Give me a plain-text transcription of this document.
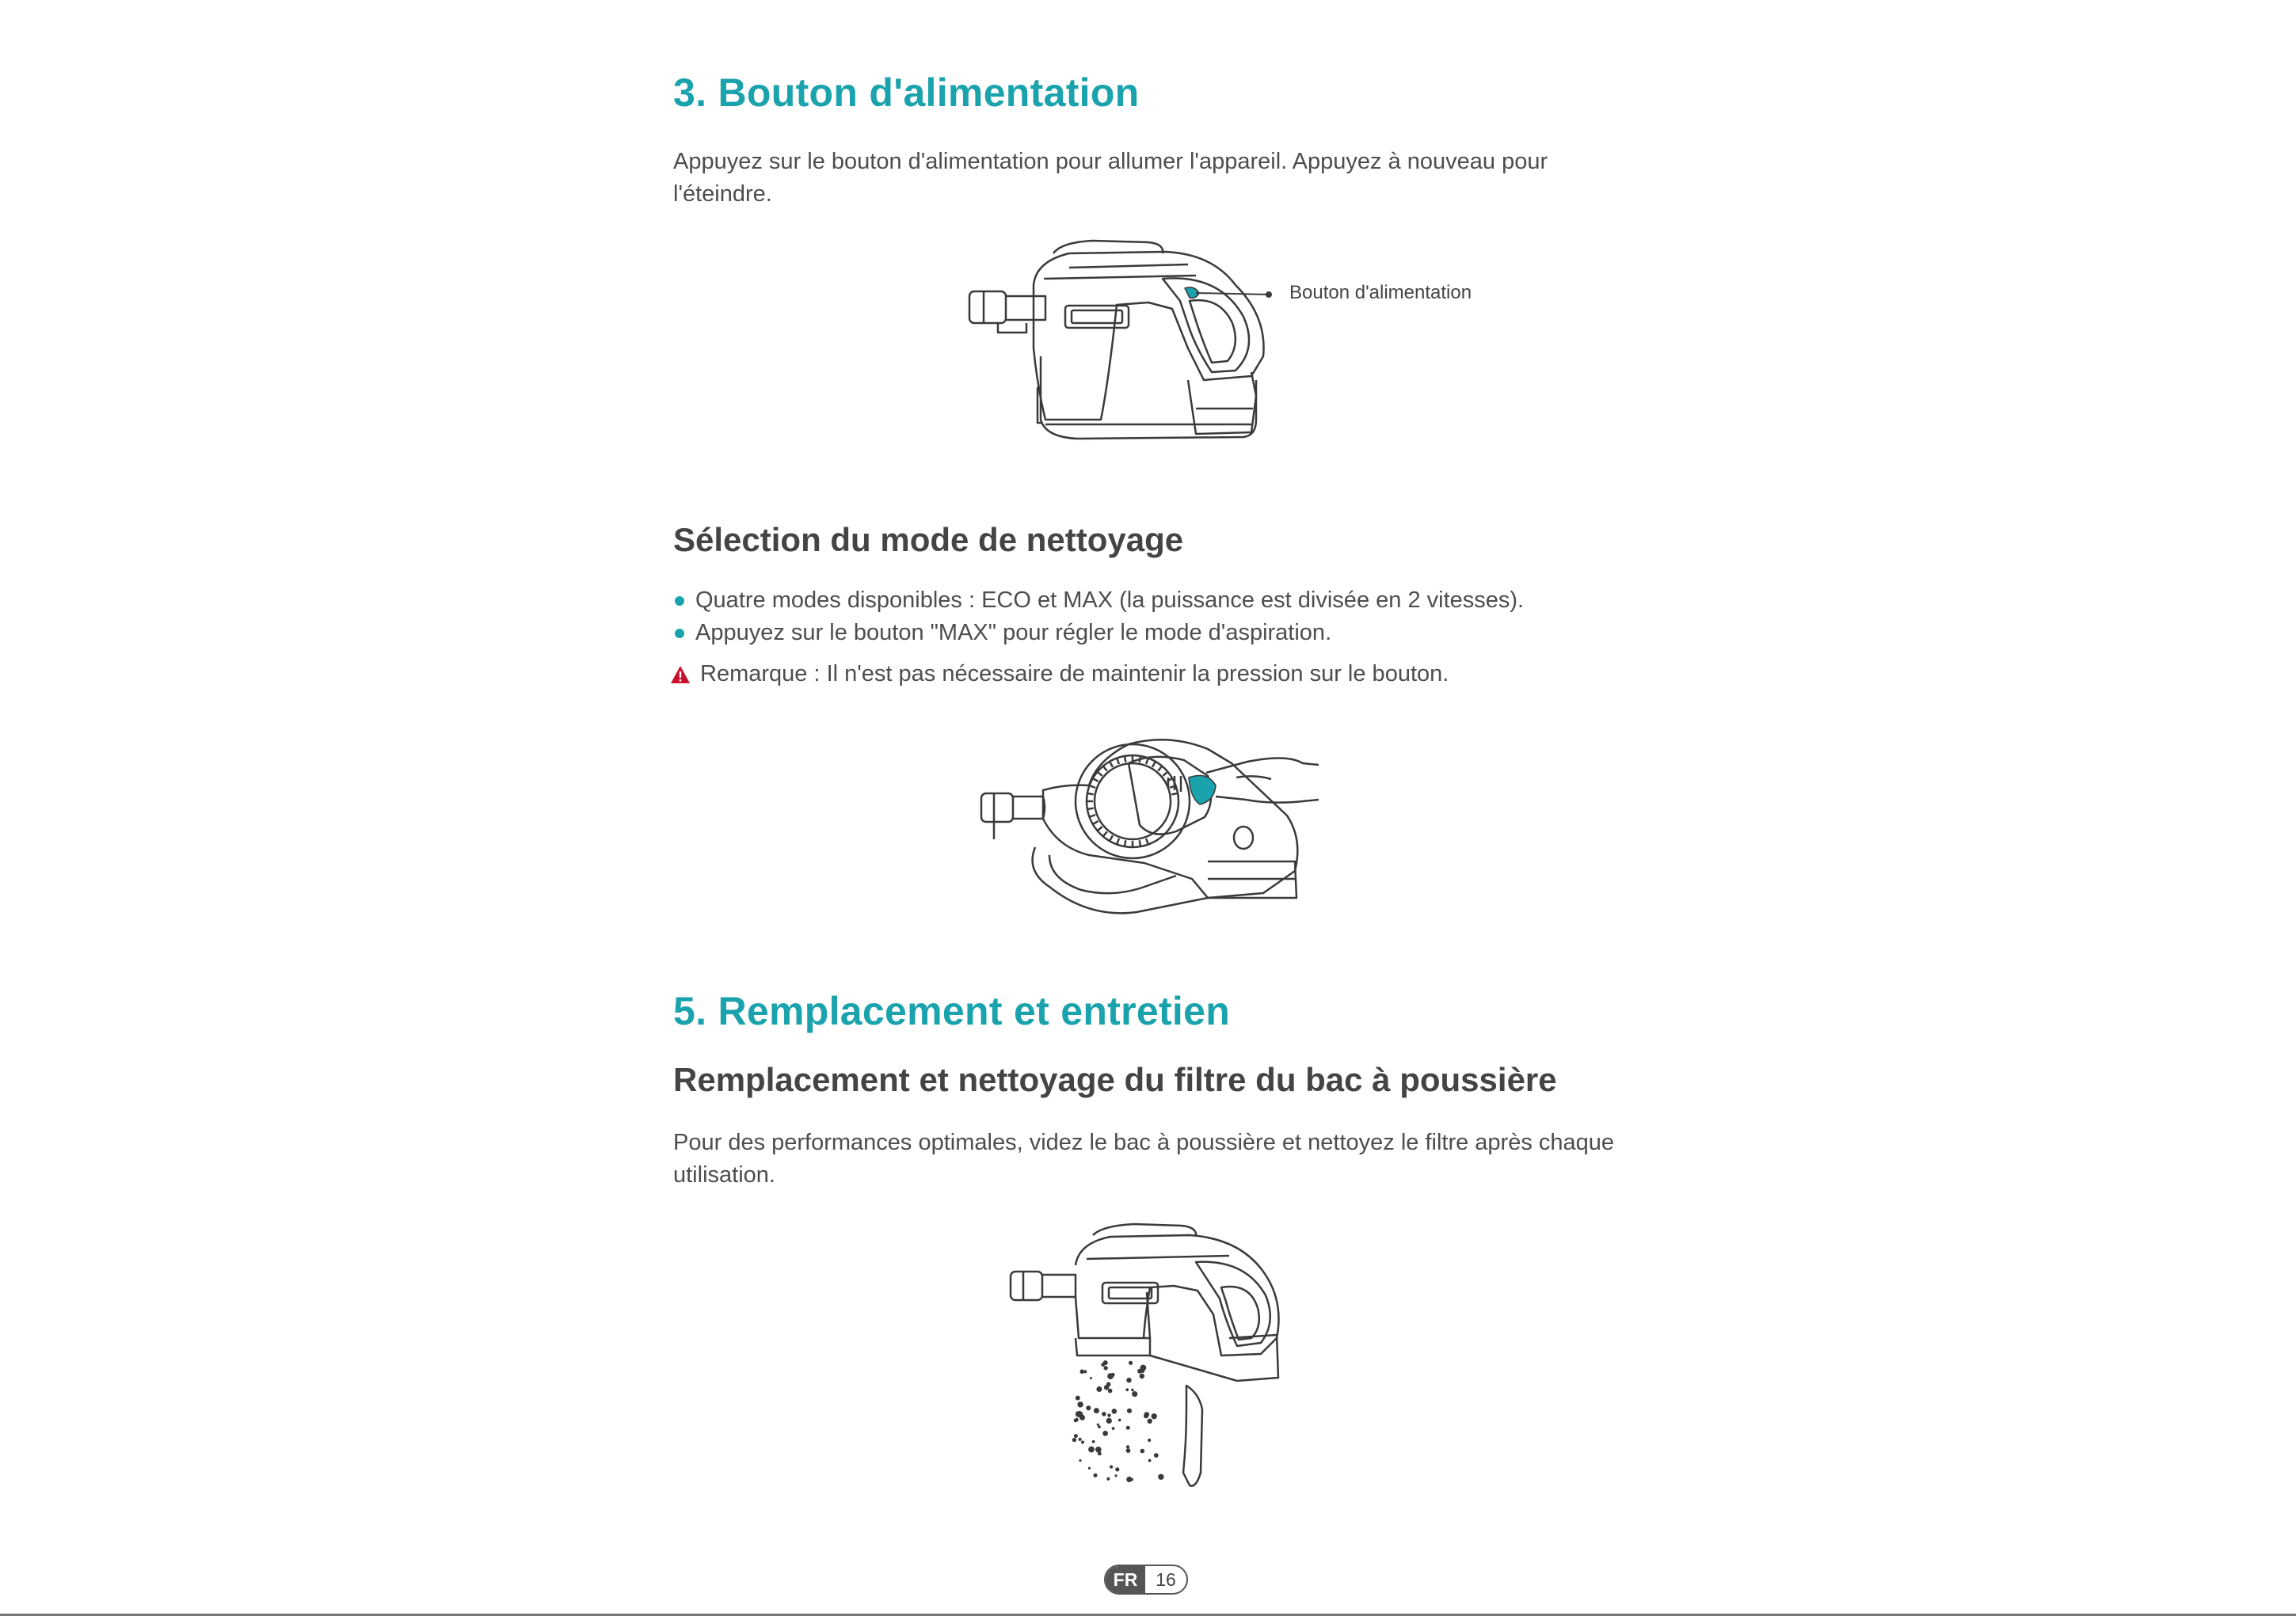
3. Bouton d'alimentation
Appuyez sur le bouton d'alimentation pour allumer l'appareil. Appuyez à nouveau pour l'éteindre.
Bouton d'alimentation
Sélection du mode de nettoyage
Quatre modes disponibles : ECO et MAX (la puissance est divisée en 2 vitesses).
Appuyez sur le bouton "MAX" pour régler le mode d'aspiration.
Remarque : Il n'est pas nécessaire de maintenir la pression sur le bouton.
5. Remplacement et entretien
Remplacement et nettoyage du filtre du bac à poussière
Pour des performances optimales, videz le bac à poussière et nettoyez le filtre après chaque utilisation.
FR 16
